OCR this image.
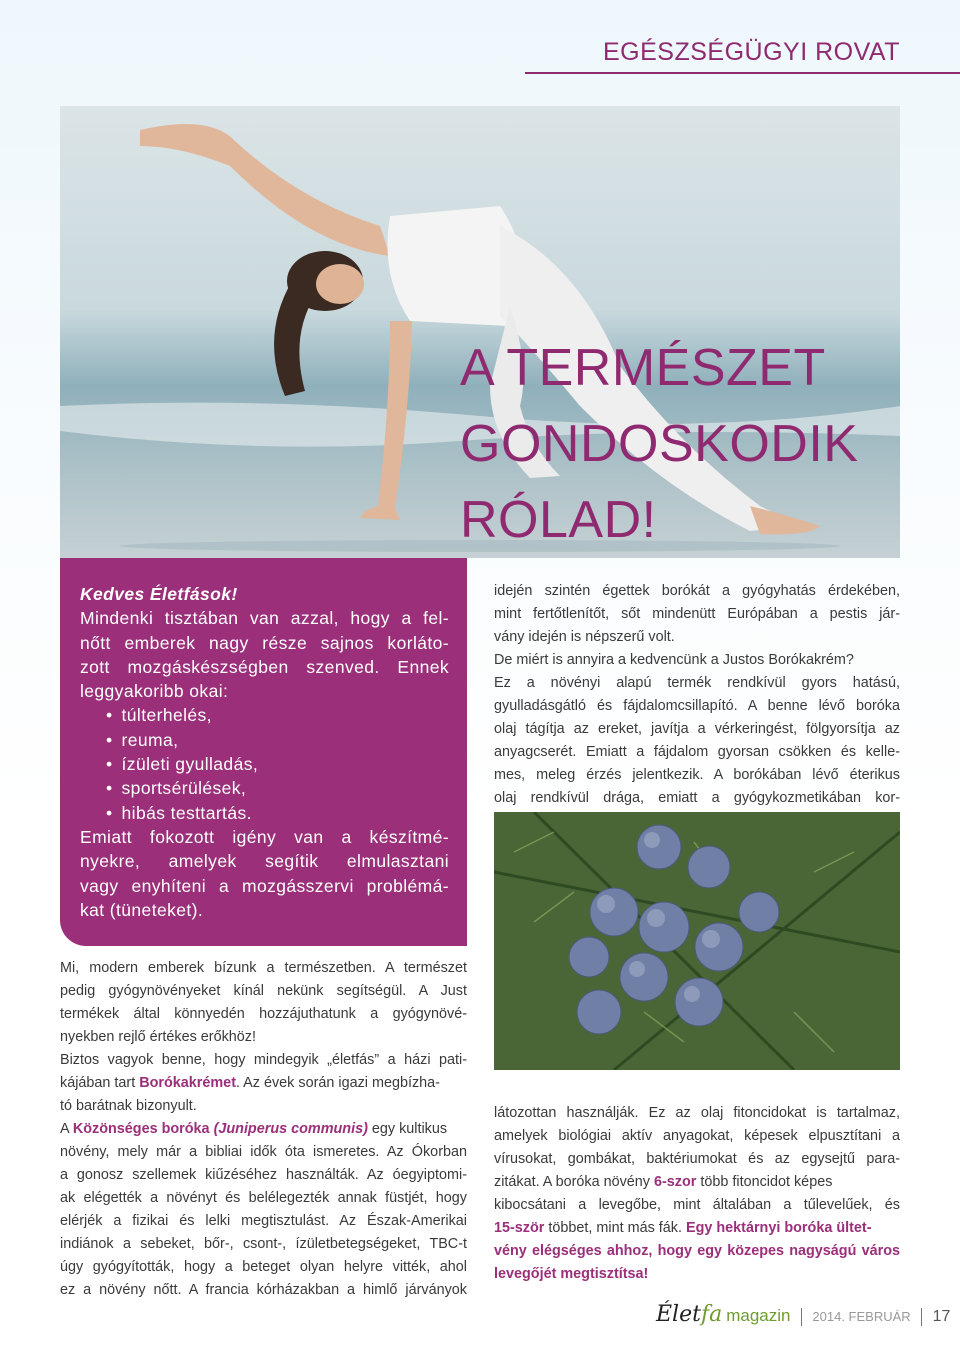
EGÉSZSÉGÜGYI ROVAT
A TERMÉSZET
GONDOSKODIK
RÓLAD!
Kedves Életfások!
Mindenki tisztában van azzal, hogy a fel-
nőtt emberek nagy része sajnos korláto-
zott mozgáskészségben szenved. Ennek
leggyakoribb okai:
• túlterhelés,
• reuma,
• ízületi gyulladás,
• sportsérülések,
• hibás testtartás.
Emiatt fokozott igény van a készítmé-
nyekre, amelyek segítik elmulasztani
vagy enyhíteni a mozgásszervi problémá-
kat (tüneteket).
idején szintén égettek borókát a gyógyhatás érdekében,
mint fertőtlenítőt, sőt mindenütt Európában a pestis jár-
vány idején is népszerű volt.
De miért is annyira a kedvencünk a Justos Borókakrém?
Ez a növényi alapú termék rendkívül gyors hatású,
gyulladásgátló és fájdalomcsillapító. A benne lévő boróka
olaj tágítja az ereket, javítja a vérkeringést, fölgyorsítja az
anyagcserét. Emiatt a fájdalom gyorsan csökken és kelle-
mes, meleg érzés jelentkezik. A borókában lévő éterikus
olaj rendkívül drága, emiatt a gyógykozmetikában kor-
Mi, modern emberek bízunk a természetben. A természet
pedig gyógynövényeket kínál nekünk segítségül. A Just
termékek által könnyedén hozzájuthatunk a gyógynövé-
nyekben rejlő értékes erőkhöz!
Biztos vagyok benne, hogy mindegyik „életfás” a házi pati-
kájában tart Borókakrémet. Az évek során igazi megbízha-
tó barátnak bizonyult.
A Közönséges boróka (Juniperus communis) egy kultikus
növény, mely már a bibliai idők óta ismeretes. Az Ókorban
a gonosz szellemek kiűzéséhez használták. Az óegyiptomi-
ak elégették a növényt és belélegezték annak füstjét, hogy
elérjék a fizikai és lelki megtisztulást. Az Észak-Amerikai
indiánok a sebeket, bőr-, csont-, ízületbetegségeket, TBC-t
úgy gyógyították, hogy a beteget olyan helyre vitték, ahol
ez a növény nőtt. A francia kórházakban a himlő járványok
látozottan használják. Ez az olaj fitoncidokat is tartalmaz,
amelyek biológiai aktív anyagokat, képesek elpusztítani a
vírusokat, gombákat, baktériumokat és az egysejtű para-
zitákat. A boróka növény 6-szor több fitoncidot képes
kibocsátani a levegőbe, mint általában a tűlevelűek, és
15-ször többet, mint más fák. Egy hektárnyi boróka ültet-
vény elégséges ahhoz, hogy egy közepes nagyságú város
levegőjét megtisztítsa!
Életfa magazin 2014. FEBRUÁR 17
